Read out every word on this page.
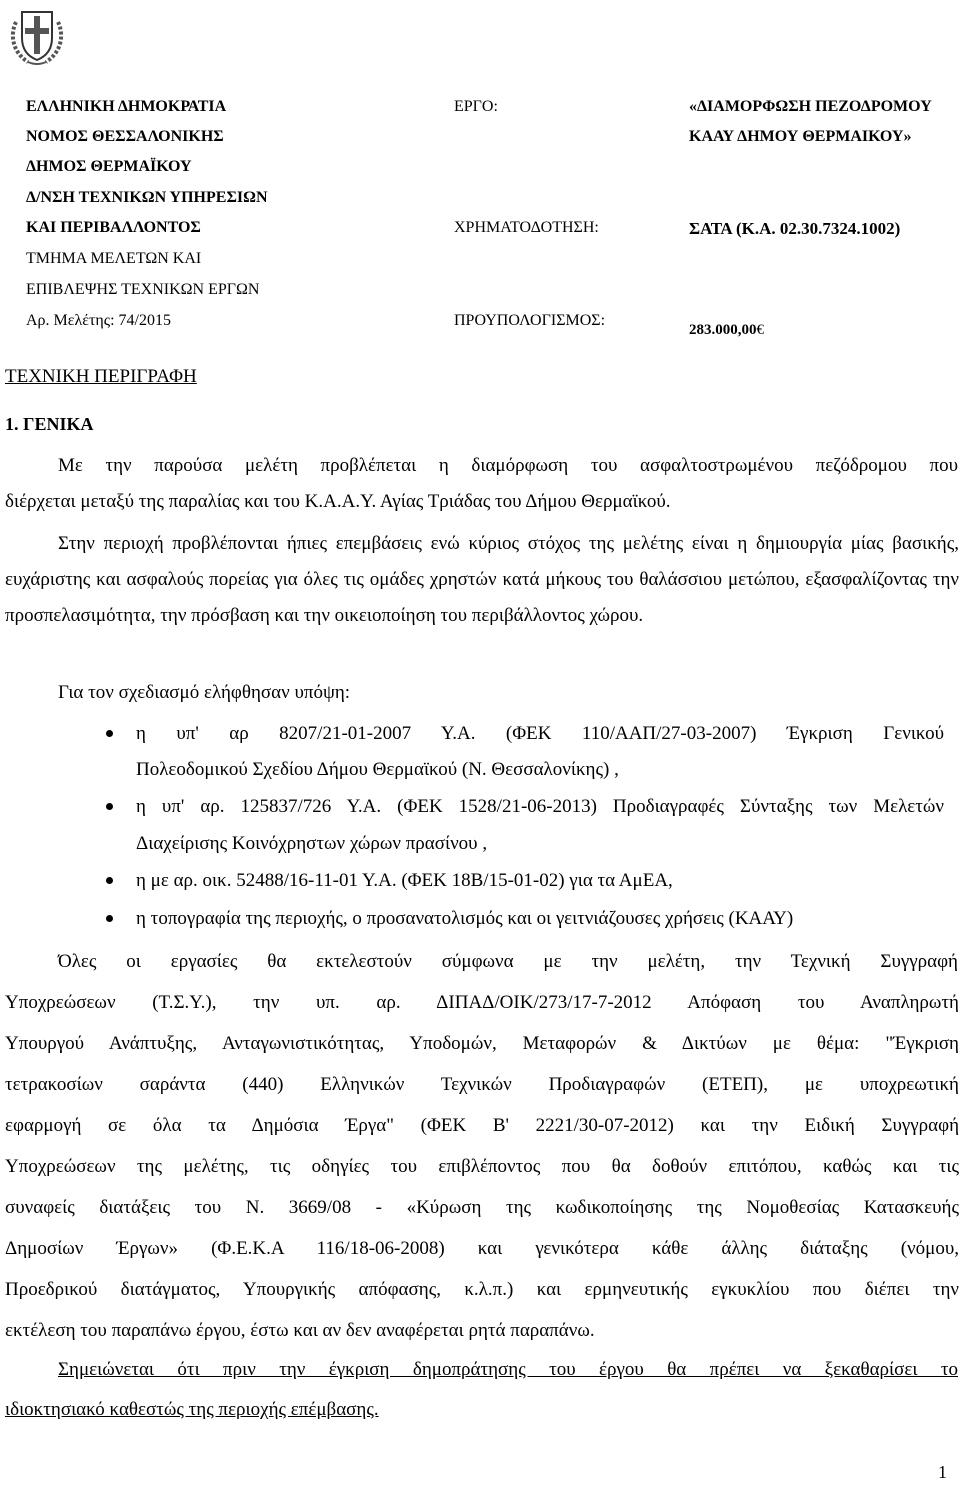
ΕΛΛΗΝΙΚΗ ΔΗΜΟΚΡΑΤΙΑ
ΝΟΜΟΣ ΘΕΣΣΑΛΟΝΙΚΗΣ
ΔΗΜΟΣ ΘΕΡΜΑΪΚΟΥ
Δ/ΝΣΗ ΤΕΧΝΙΚΩΝ ΥΠΗΡΕΣΙΩΝ
ΚΑΙ ΠΕΡΙΒΑΛΛΟΝΤΟΣ
ΤΜΗΜΑ ΜΕΛΕΤΩΝ ΚΑΙ
ΕΠΙΒΛΕΨΗΣ ΤΕΧΝΙΚΩΝ ΕΡΓΩΝ
Αρ. Μελέτης: 74/2015
ΕΡΓΟ:
ΧΡΗΜΑΤΟΔΟΤΗΣΗ:
ΠΡΟΥΠΟΛΟΓΙΣΜΟΣ:
«ΔΙΑΜΟΡΦΩΣΗ ΠΕΖΟΔΡΟΜΟΥ
ΚΑΑΥ ΔΗΜΟΥ ΘΕΡΜΑΙΚΟΥ»
ΣΑΤΑ (Κ.Α. 02.30.7324.1002)
283.000,00€
ΤΕΧΝΙΚΗ ΠΕΡΙΓΡΑΦΗ
1. ΓΕΝΙΚΑ
Με την παρούσα μελέτη προβλέπεται η διαμόρφωση του ασφαλτοστρωμένου πεζόδρομου που
διέρχεται μεταξύ της παραλίας και του Κ.Α.Α.Υ. Αγίας Τριάδας του Δήμου Θερμαϊκού.
Στην περιοχή προβλέπονται ήπιες επεμβάσεις ενώ κύριος στόχος της μελέτης είναι η δημιουργία μίας βασικής, ευχάριστης και ασφαλούς πορείας για όλες τις ομάδες χρηστών κατά μήκους του θαλάσσιου μετώπου, εξασφαλίζοντας την προσπελασιμότητα, την πρόσβαση και την οικειοποίηση του περιβάλλοντος χώρου.
Για τον σχεδιασμό ελήφθησαν υπόψη:
η υπ' αρ 8207/21-01-2007 Υ.Α. (ΦΕΚ 110/ΑΑΠ/27-03-2007) Έγκριση Γενικού
Πολεοδομικού Σχεδίου Δήμου Θερμαϊκού (Ν. Θεσσαλονίκης) ,
η υπ' αρ. 125837/726 Υ.Α. (ΦΕΚ 1528/21-06-2013) Προδιαγραφές Σύνταξης των Μελετών
Διαχείρισης Κοινόχρηστων χώρων πρασίνου ,
η με αρ. οικ. 52488/16-11-01 Υ.Α. (ΦΕΚ 18Β/15-01-02) για τα ΑμΕΑ,
η τοπογραφία της περιοχής, ο προσανατολισμός και οι γειτνιάζουσες χρήσεις (ΚΑΑΥ)
Όλες οι εργασίες θα εκτελεστούν σύμφωνα με την μελέτη, την Τεχνική Συγγραφή
Υποχρεώσεων (Τ.Σ.Υ.), την υπ. αρ. ΔΙΠΑΔ/ΟΙΚ/273/17-7-2012 Απόφαση του Αναπληρωτή
Υπουργού Ανάπτυξης, Ανταγωνιστικότητας, Υποδομών, Μεταφορών & Δικτύων με θέμα: "Έγκριση
τετρακοσίων σαράντα (440) Ελληνικών Τεχνικών Προδιαγραφών (ΕΤΕΠ), με υποχρεωτική
εφαρμογή σε όλα τα Δημόσια Έργα" (ΦΕΚ Β' 2221/30-07-2012) και την Ειδική Συγγραφή
Υποχρεώσεων της μελέτης, τις οδηγίες του επιβλέποντος που θα δοθούν επιτόπου, καθώς και τις
συναφείς διατάξεις του Ν. 3669/08 - «Κύρωση της κωδικοποίησης της Νομοθεσίας Κατασκευής
Δημοσίων Έργων» (Φ.Ε.Κ.Α 116/18-06-2008) και γενικότερα κάθε άλλης διάταξης (νόμου,
Προεδρικού διατάγματος, Υπουργικής απόφασης, κ.λ.π.) και ερμηνευτικής εγκυκλίου που διέπει την
εκτέλεση του παραπάνω έργου, έστω και αν δεν αναφέρεται ρητά παραπάνω.
Σημειώνεται ότι πριν την έγκριση δημοπράτησης του έργου θα πρέπει να ξεκαθαρίσει το
ιδιοκτησιακό καθεστώς της περιοχής επέμβασης.
1
